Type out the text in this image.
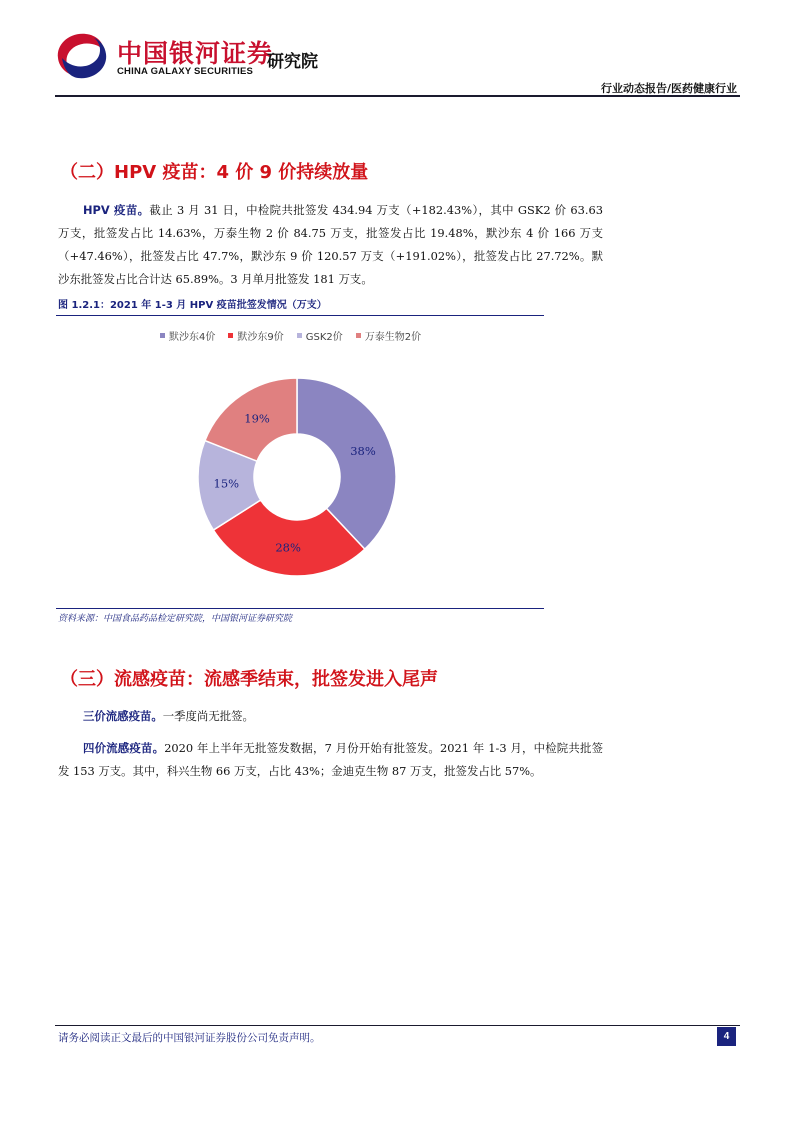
中国银河证券
CHINA GALAXY SECURITIES 研究院
行业动态报告/医药健康行业
（二）HPV 疫苗：4 价 9 价持续放量

HPV 疫苗。截止 3 月 31 日，中检院共批签发 434.94 万支（+182.43%），其中 GSK2 价 63.63 万支，批签发占比 14.63%，万泰生物 2 价 84.75 万支，批签发占比 19.48%，默沙东 4 价 166 万支（+47.46%），批签发占比 47.7%，默沙东 9 价 120.57 万支（+191.02%），批签发占比 27.72%。默沙东批签发占比合计达 65.89%。3 月单月批签发 181 万支。

图 1.2.1：2021 年 1-3 月 HPV 疫苗批签发情况（万支）
默沙东4价 默沙东9价 GSK2价 万泰生物2价
38%
28%
15%
19%
资料来源：中国食品药品检定研究院，中国银河证券研究院
（三）流感疫苗：流感季结束，批签发进入尾声

三价流感疫苗。一季度尚无批签。

四价流感疫苗。2020 年上半年无批签发数据，7 月份开始有批签发。2021 年 1-3 月，中检院共批签发 153 万支。其中，科兴生物 66 万支，占比 43%；金迪克生物 87 万支，批签发占比 57%。

请务必阅读正文最后的中国银河证券股份公司免责声明。	4
